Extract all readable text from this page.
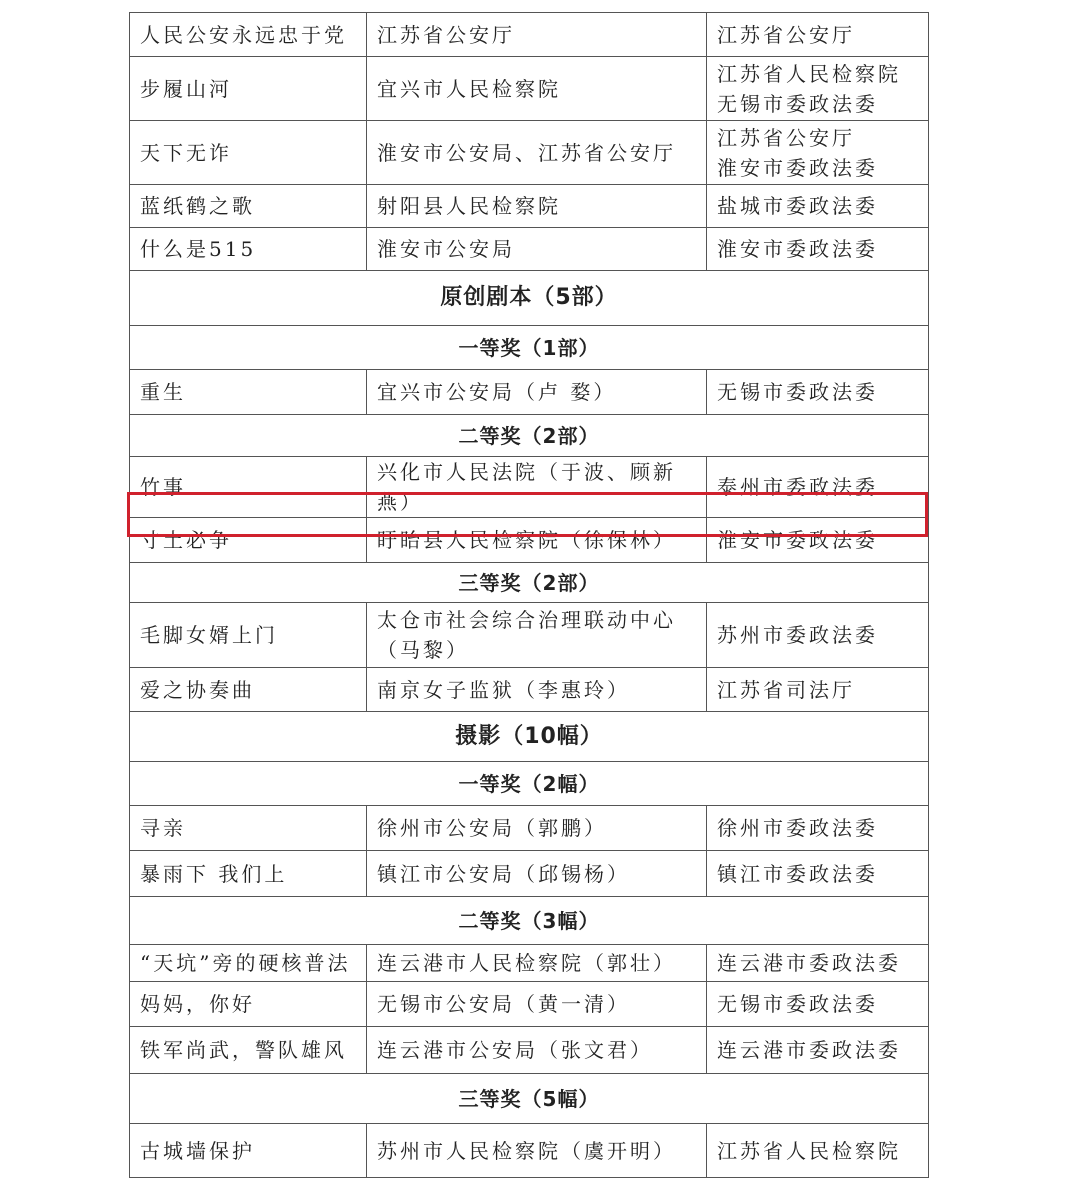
人民公安永远忠于党	江苏省公安厅	江苏省公安厅
步履山河	宜兴市人民检察院	江苏省人民检察院 无锡市委政法委
天下无诈	淮安市公安局、江苏省公安厅	江苏省公安厅 淮安市委政法委
蓝纸鹤之歌	射阳县人民检察院	盐城市委政法委
什么是515	淮安市公安局	淮安市委政法委
原创剧本（5部）		
一等奖（1部）		
重生	宜兴市公安局（卢 婺）	无锡市委政法委
二等奖（2部）		
竹事	兴化市人民法院（于波、顾新燕）	泰州市委政法委
寸土必争	盱眙县人民检察院（徐保林）	淮安市委政法委
三等奖（2部）		
毛脚女婿上门	太仓市社会综合治理联动中心（马黎）	苏州市委政法委
爱之协奏曲	南京女子监狱（李惠玲）	江苏省司法厅
摄影（10幅）		
一等奖（2幅）		
寻亲	徐州市公安局（郭鹏）	徐州市委政法委
暴雨下 我们上	镇江市公安局（邱锡杨）	镇江市委政法委
二等奖（3幅）		
“天坑”旁的硬核普法	连云港市人民检察院（郭壮）	连云港市委政法委
妈妈，你好	无锡市公安局（黄一清）	无锡市委政法委
铁军尚武，警队雄风	连云港市公安局（张文君）	连云港市委政法委
三等奖（5幅）		
古城墙保护	苏州市人民检察院（虞开明）	江苏省人民检察院
